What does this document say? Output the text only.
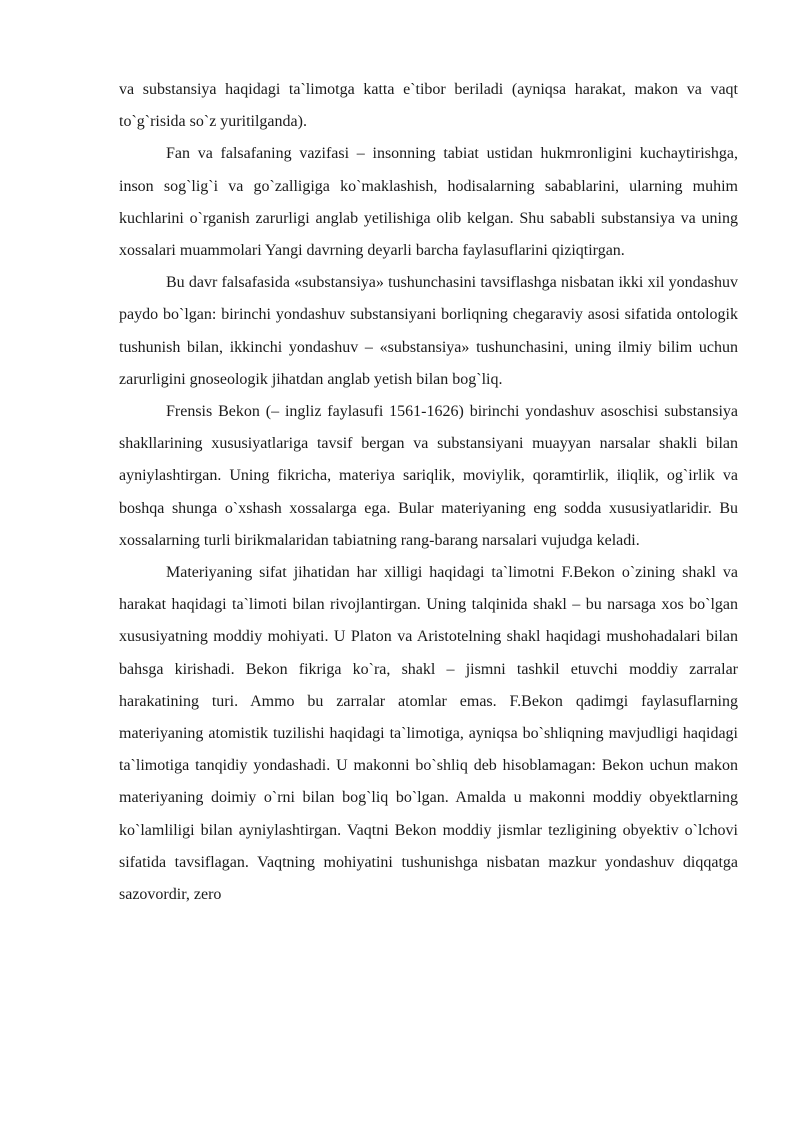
va substansiya haqidagi ta`limotga katta e`tibor beriladi (ayniqsa harakat, makon va vaqt to`g`risida so`z yuritilganda).

Fan va falsafaning vazifasi – insonning tabiat ustidan hukmronligini kuchaytirishga, inson sog`lig`i va go`zalligiga ko`maklashish, hodisalarning sabablarini, ularning muhim kuchlarini o`rganish zarurligi anglab yetilishiga olib kelgan. Shu sababli substansiya va uning xossalari muammolari Yangi davrning deyarli barcha faylasuflarini qiziqtirgan.

Bu davr falsafasida «substansiya» tushunchasini tavsiflashga nisbatan ikki xil yondashuv paydo bo`lgan: birinchi yondashuv substansiyani borliqning chegaraviy asosi sifatida ontologik tushunish bilan, ikkinchi yondashuv – «substansiya» tushunchasini, uning ilmiy bilim uchun zarurligini gnoseologik jihatdan anglab yetish bilan bog`liq.

Frensis Bekon (– ingliz faylasufi 1561-1626) birinchi yondashuv asoschisi substansiya shakllarining xususiyatlariga tavsif bergan va substansiyani muayyan narsalar shakli bilan ayniylashtirgan. Uning fikricha, materiya sariqlik, moviylik, qoramtirlik, iliqlik, og`irlik va boshqa shunga o`xshash xossalarga ega. Bular materiyaning eng sodda xususiyatlaridir. Bu xossalarning turli birikmalaridan tabiatning rang-barang narsalari vujudga keladi.

Materiyaning sifat jihatidan har xilligi haqidagi ta`limotni F.Bekon o`zining shakl va harakat haqidagi ta`limoti bilan rivojlantirgan. Uning talqinida shakl – bu narsaga xos bo`lgan xususiyatning moddiy mohiyati. U Platon va Aristotelning shakl haqidagi mushohadalari bilan bahsga kirishadi. Bekon fikriga ko`ra, shakl – jismni tashkil etuvchi moddiy zarralar harakatining turi. Ammo bu zarralar atomlar emas. F.Bekon qadimgi faylasuflarning materiyaning atomistik tuzilishi haqidagi ta`limotiga, ayniqsa bo`shliqning mavjudligi haqidagi ta`limotiga tanqidiy yondashadi. U makonni bo`shliq deb hisoblamagan: Bekon uchun makon materiyaning doimiy o`rni bilan bog`liq bo`lgan. Amalda u makonni moddiy obyektlarning ko`lamliligi bilan ayniylashtirgan. Vaqtni Bekon moddiy jismlar tezligining obyektiv o`lchovi sifatida tavsiflagan. Vaqtning mohiyatini tushunishga nisbatan mazkur yondashuv diqqatga sazovordir, zero
